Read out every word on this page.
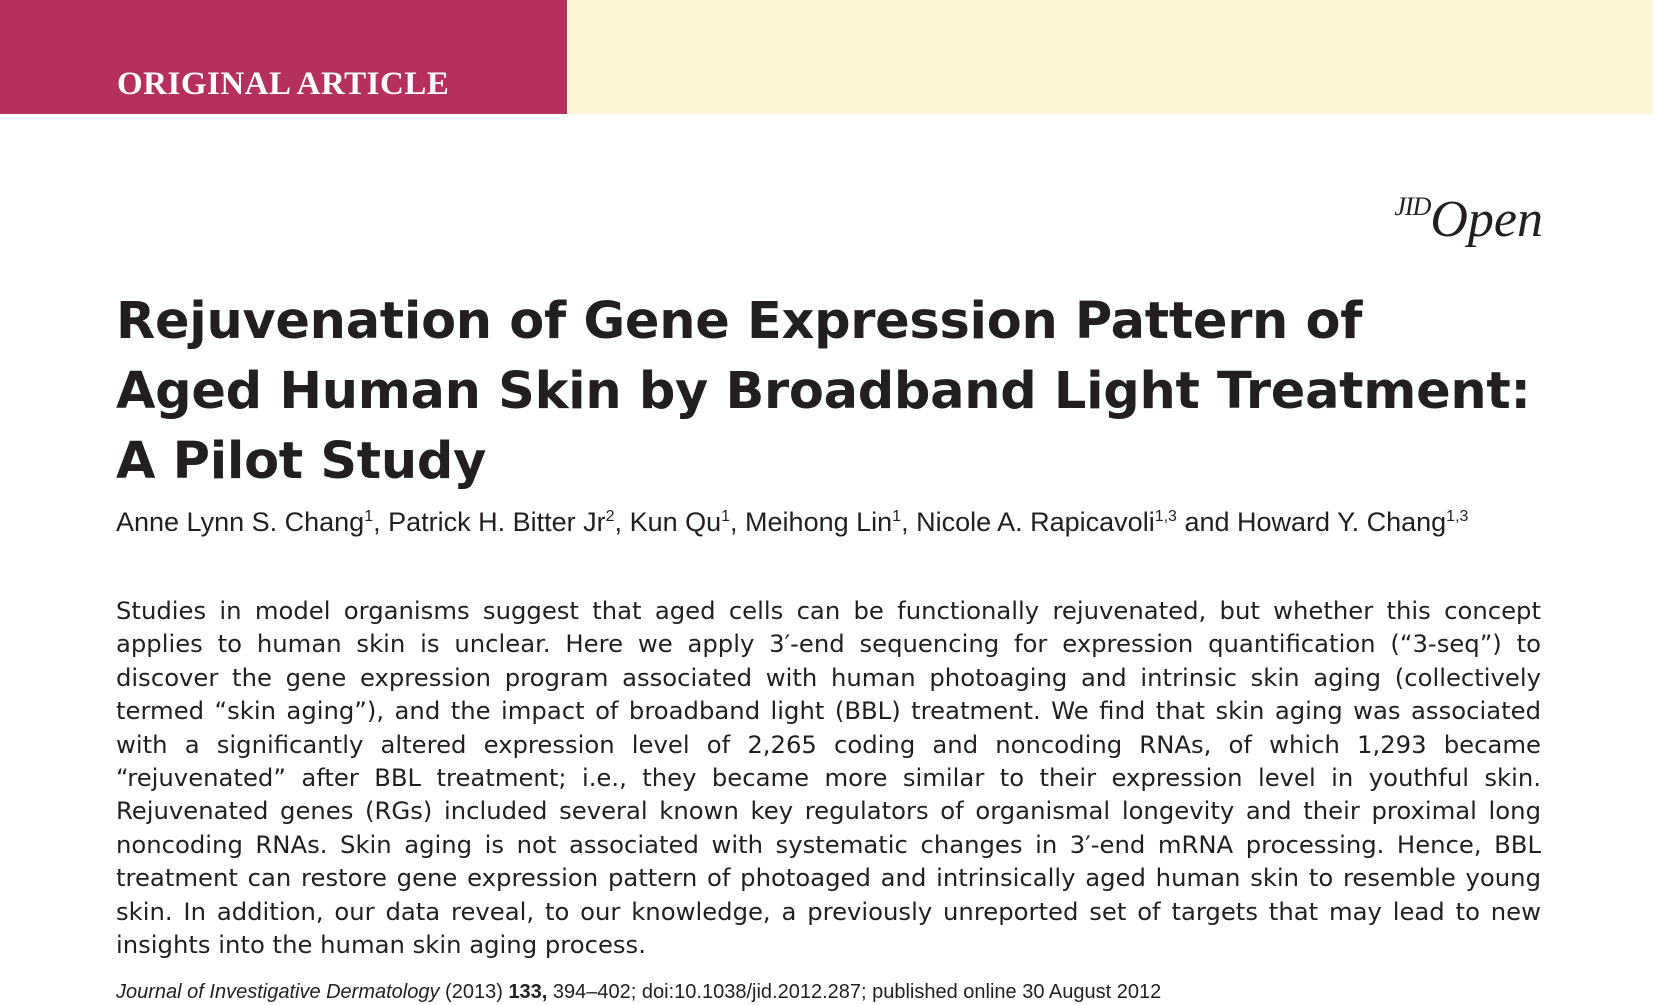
ORIGINAL ARTICLE
JIDOpen
Rejuvenation of Gene Expression Pattern of
Aged Human Skin by Broadband Light Treatment:
A Pilot Study
Anne Lynn S. Chang$^1$, Patrick H. Bitter Jr$^2$, Kun Qu$^1$, Meihong Lin$^1$, Nicole A. Rapicavoli$^{1,3}$ and Howard Y. Chang$^{1,3}$

Studies in model organisms suggest that aged cells can be functionally rejuvenated, but whether this concept applies to human skin is unclear. Here we apply 3′-end sequencing for expression quantification (“3-seq”) to discover the gene expression program associated with human photoaging and intrinsic skin aging (collectively termed “skin aging”), and the impact of broadband light (BBL) treatment. We find that skin aging was associated with a significantly altered expression level of 2,265 coding and noncoding RNAs, of which 1,293 became “rejuvenated” after BBL treatment; i.e., they became more similar to their expression level in youthful skin. Rejuvenated genes (RGs) included several known key regulators of organismal longevity and their proximal long noncoding RNAs. Skin aging is not associated with systematic changes in 3′-end mRNA processing. Hence, BBL treatment can restore gene expression pattern of photoaged and intrinsically aged human skin to resemble young skin. In addition, our data reveal, to our knowledge, a previously unreported set of targets that may lead to new insights into the human skin aging process.

Journal of Investigative Dermatology (2013) 133, 394–402; doi:10.1038/jid.2012.287; published online 30 August 2012
